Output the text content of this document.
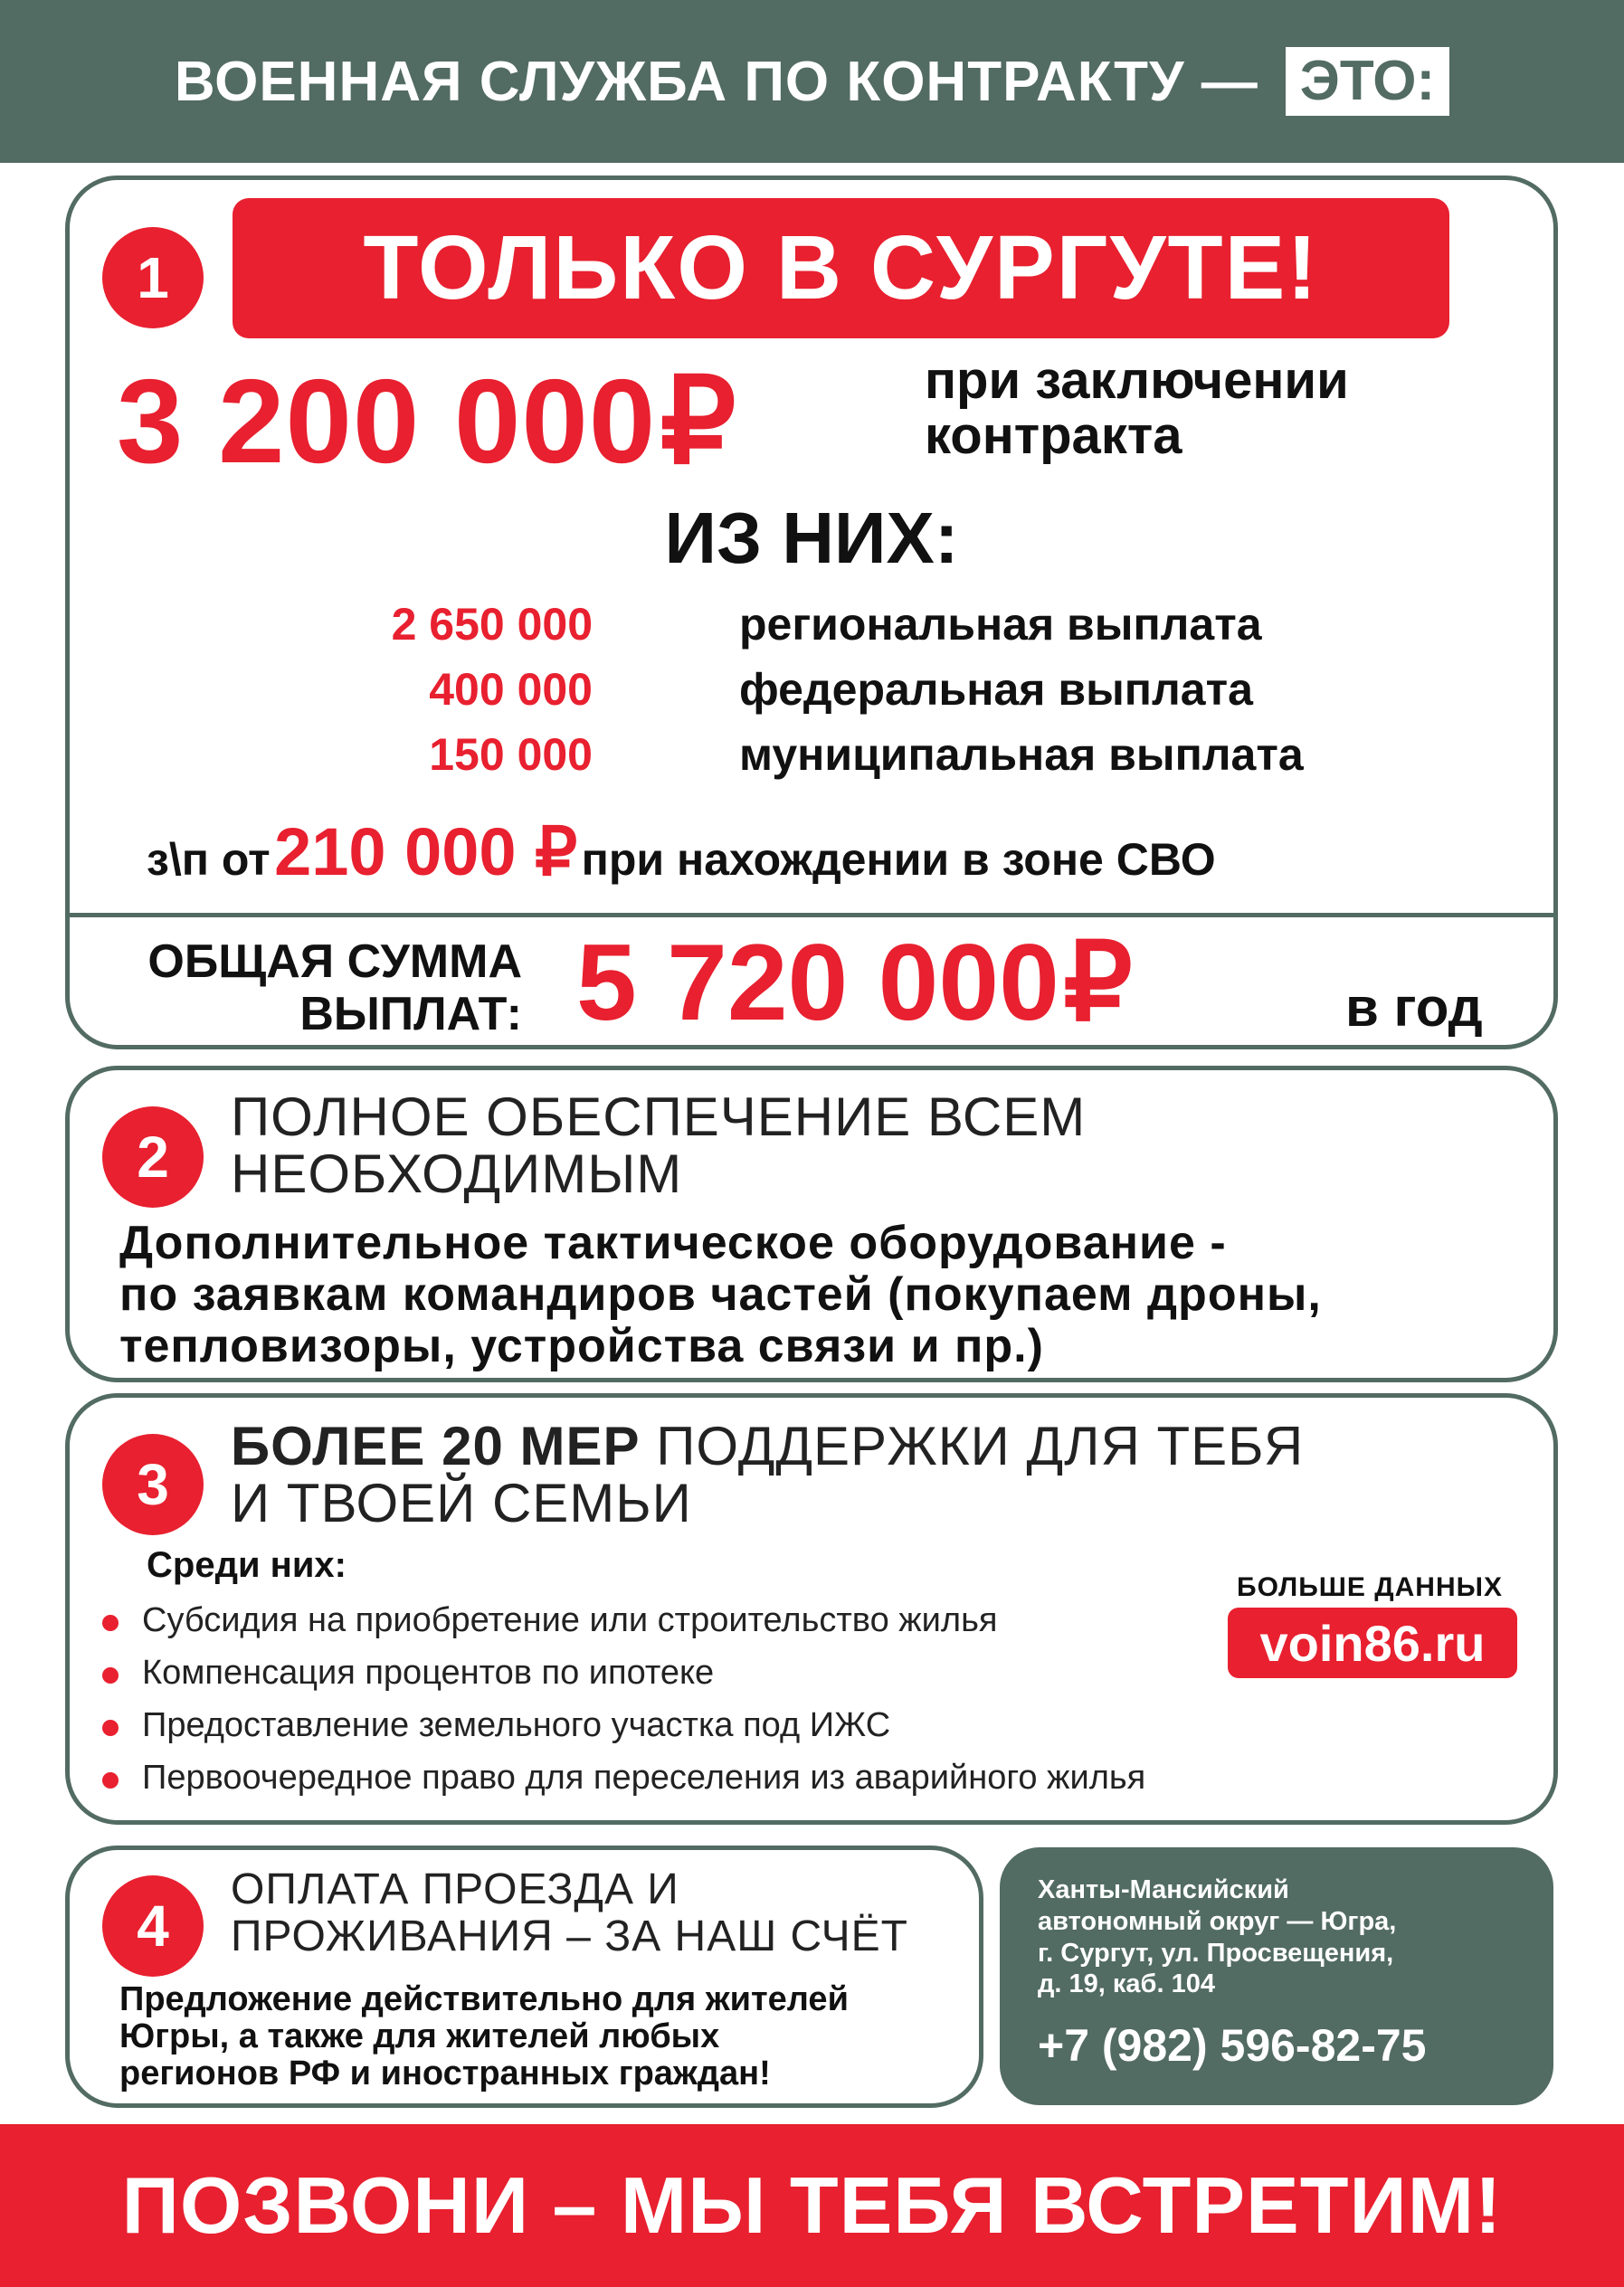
ВОЕННАЯ СЛУЖБА ПО КОНТРАКТУ — ЭТО:
1	ТОЛЬКО В СУРГУТЕ!
3 200 000 ₽	при заключении
контракта
ИЗ НИХ:
2 650 000	региональная выплата
400 000	федеральная выплата
150 000	муниципальная выплата
з\п от 210 000 ₽ при нахождении в зоне СВО
ОБЩАЯ СУММА
ВЫПЛАТ: 5 720 000 ₽	в год
2
ПОЛНОЕ ОБЕСПЕЧЕНИЕ ВСЕМ
НЕОБХОДИМЫМ
Дополнительное тактическое оборудование -
по заявкам командиров частей (покупаем дроны,
тепловизоры, устройства связи и пр.)
3
БОЛЕЕ 20 МЕР ПОДДЕРЖКИ ДЛЯ ТЕБЯ
И ТВОЕЙ СЕМЬИ
Среди них:
Субсидия на приобретение или строительство жилья
Компенсация процентов по ипотеке
Предоставление земельного участка под ИЖС
Первоочередное право для переселения из аварийного жилья
БОЛЬШЕ ДАННЫХ
voin86.ru
4
ОПЛАТА ПРОЕЗДА И
ПРОЖИВАНИЯ – ЗА НАШ СЧЁТ
Предложение действительно для жителей
Югры, а также для жителей любых
регионов РФ и иностранных граждан!
Ханты-Мансийский
автономный округ — Югра,
г. Сургут, ул. Просвещения,
д. 19, каб. 104
+7 (982) 596-82-75
ПОЗВОНИ – МЫ ТЕБЯ ВСТРЕТИМ!
